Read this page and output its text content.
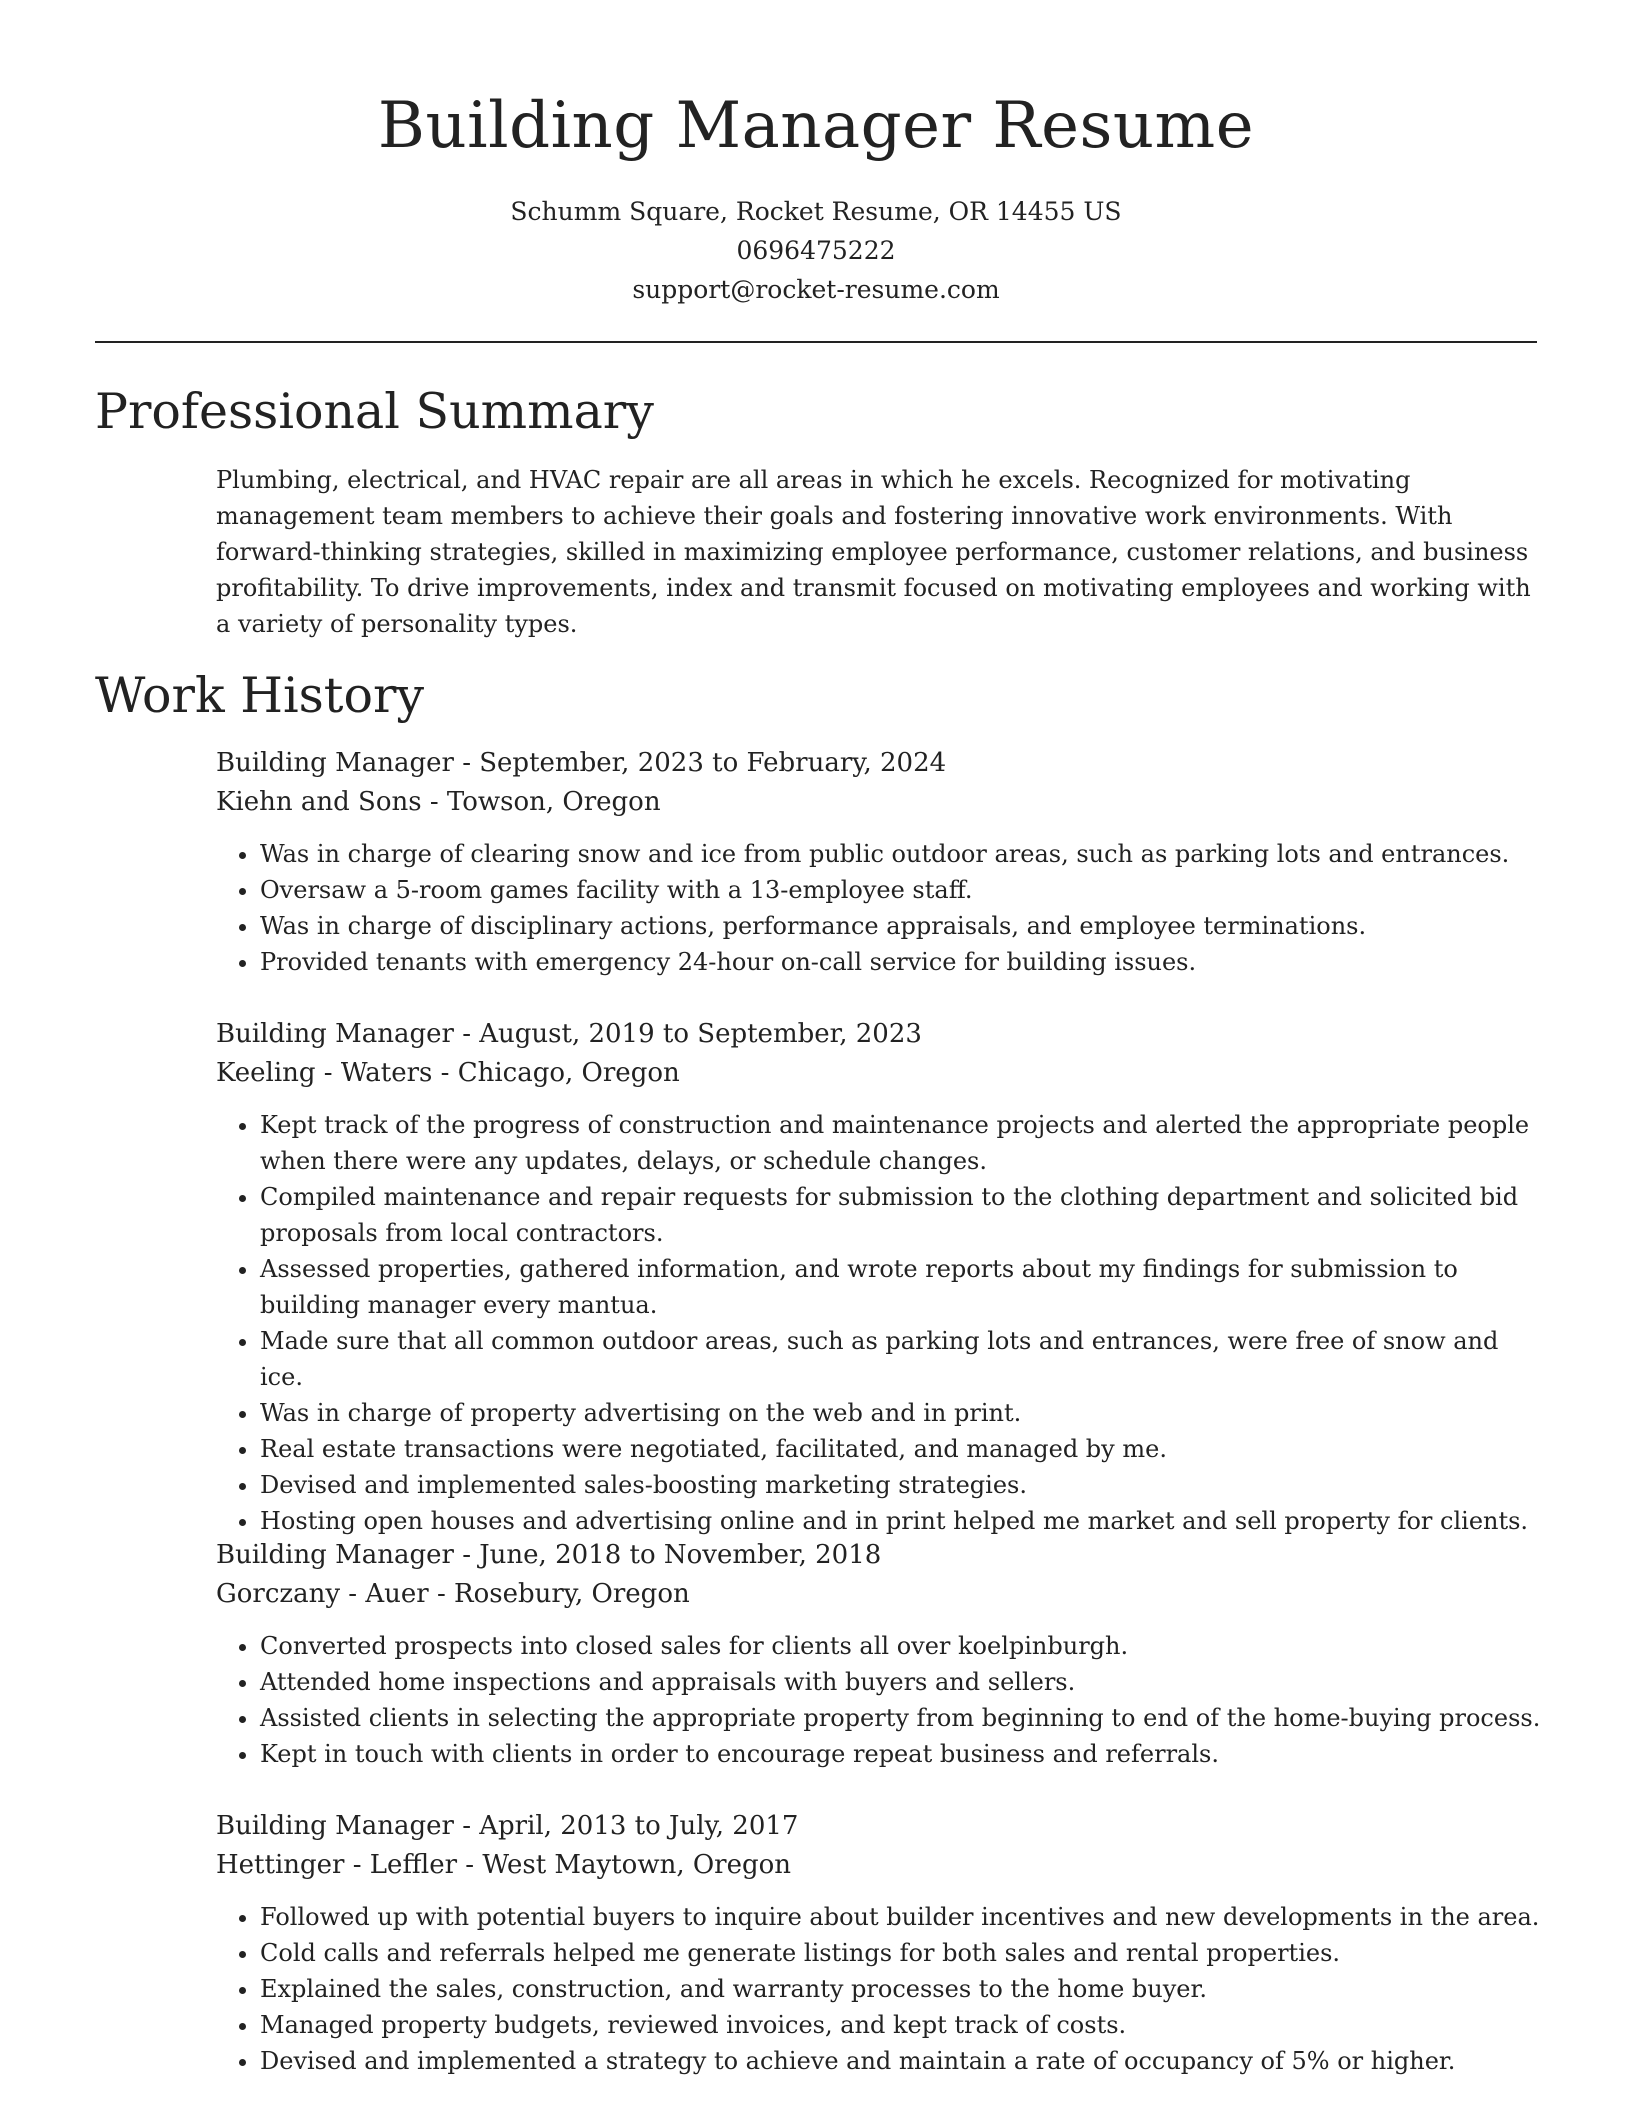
Building Manager Resume
Schumm Square, Rocket Resume, OR 14455 US
0696475222
support@rocket-resume.com
Professional Summary

Plumbing, electrical, and HVAC repair are all areas in which he excels. Recognized for motivating management team members to achieve their goals and fostering innovative work environments. With forward-thinking strategies, skilled in maximizing employee performance, customer relations, and business profitability. To drive improvements, index and transmit focused on motivating employees and working with a variety of personality types.

Work History
Building Manager - September, 2023 to February, 2024
Kiehn and Sons - Towson, Oregon
• Was in charge of clearing snow and ice from public outdoor areas, such as parking lots and entrances.
• Oversaw a 5-room games facility with a 13-employee staff.
• Was in charge of disciplinary actions, performance appraisals, and employee terminations.
• Provided tenants with emergency 24-hour on-call service for building issues.
Building Manager - August, 2019 to September, 2023
Keeling - Waters - Chicago, Oregon
• Kept track of the progress of construction and maintenance projects and alerted the appropriate people when there were any updates, delays, or schedule changes.
• Compiled maintenance and repair requests for submission to the clothing department and solicited bid proposals from local contractors.
• Assessed properties, gathered information, and wrote reports about my findings for submission to building manager every mantua.
• Made sure that all common outdoor areas, such as parking lots and entrances, were free of snow and ice.
• Was in charge of property advertising on the web and in print.
• Real estate transactions were negotiated, facilitated, and managed by me.
• Devised and implemented sales-boosting marketing strategies.
• Hosting open houses and advertising online and in print helped me market and sell property for clients.
Building Manager - June, 2018 to November, 2018
Gorczany - Auer - Rosebury, Oregon
• Converted prospects into closed sales for clients all over koelpinburgh.
• Attended home inspections and appraisals with buyers and sellers.
• Assisted clients in selecting the appropriate property from beginning to end of the home-buying process.
• Kept in touch with clients in order to encourage repeat business and referrals.
Building Manager - April, 2013 to July, 2017
Hettinger - Leffler - West Maytown, Oregon
• Followed up with potential buyers to inquire about builder incentives and new developments in the area.
• Cold calls and referrals helped me generate listings for both sales and rental properties.
• Explained the sales, construction, and warranty processes to the home buyer.
• Managed property budgets, reviewed invoices, and kept track of costs.
• Devised and implemented a strategy to achieve and maintain a rate of occupancy of 5% or higher.
